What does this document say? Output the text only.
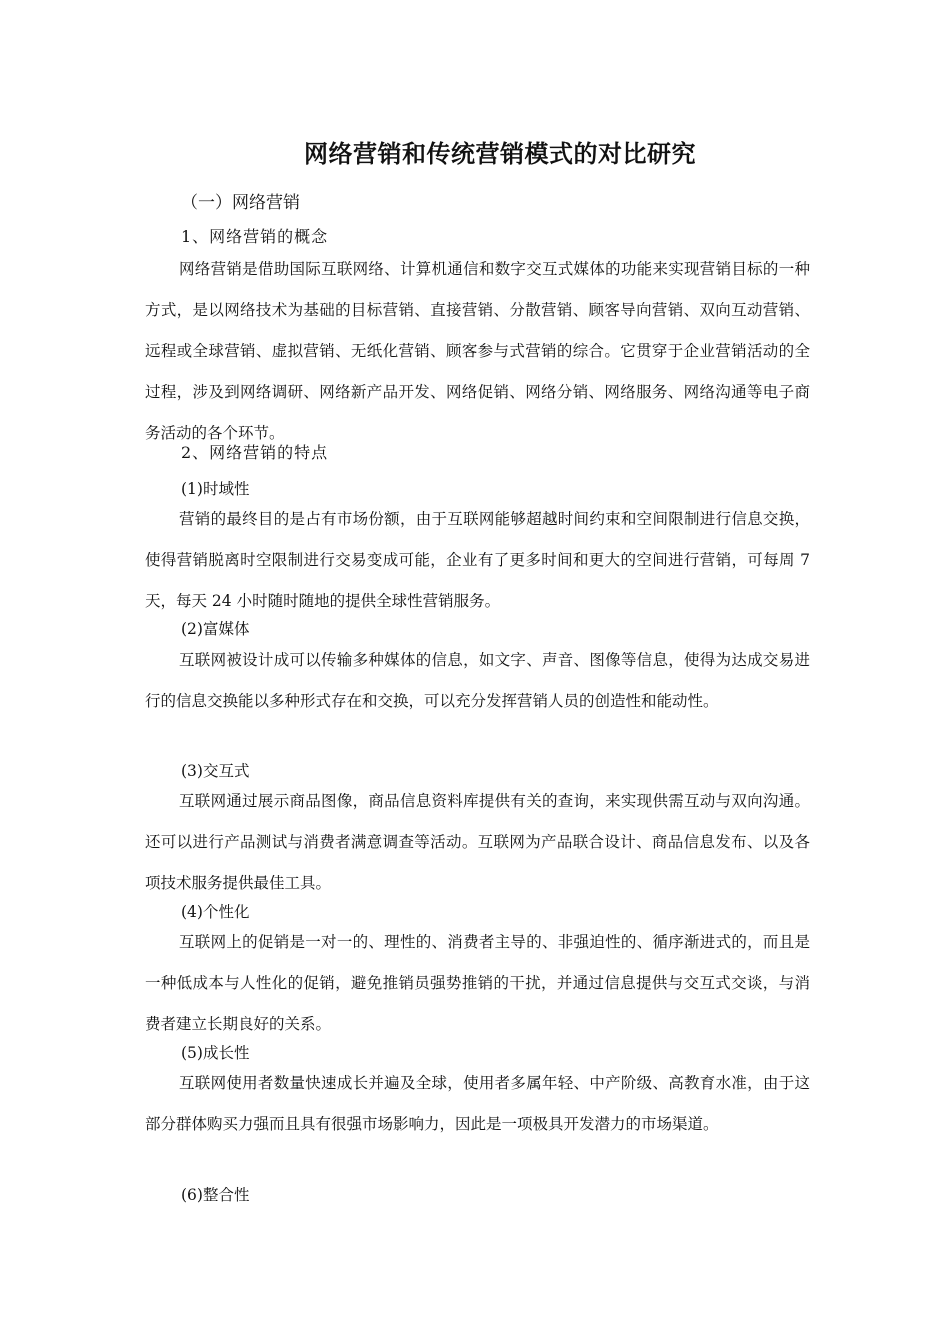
网络营销和传统营销模式的对比研究
（一）网络营销
1、网络营销的概念

网络营销是借助国际互联网络、计算机通信和数字交互式媒体的功能来实现营销目标的一种方式，是以网络技术为基础的目标营销、直接营销、分散营销、顾客导向营销、双向互动营销、远程或全球营销、虚拟营销、无纸化营销、顾客参与式营销的综合。它贯穿于企业营销活动的全过程，涉及到网络调研、网络新产品开发、网络促销、网络分销、网络服务、网络沟通等电子商务活动的各个环节。

2、网络营销的特点
(1)时域性

营销的最终目的是占有市场份额，由于互联网能够超越时间约束和空间限制进行信息交换，使得营销脱离时空限制进行交易变成可能，企业有了更多时间和更大的空间进行营销，可每周 7 天，每天 24 小时随时随地的提供全球性营销服务。

(2)富媒体

互联网被设计成可以传输多种媒体的信息，如文字、声音、图像等信息，使得为达成交易进行的信息交换能以多种形式存在和交换，可以充分发挥营销人员的创造性和能动性。

(3)交互式

互联网通过展示商品图像，商品信息资料库提供有关的查询，来实现供需互动与双向沟通。还可以进行产品测试与消费者满意调查等活动。互联网为产品联合设计、商品信息发布、以及各项技术服务提供最佳工具。

(4)个性化

互联网上的促销是一对一的、理性的、消费者主导的、非强迫性的、循序渐进式的，而且是一种低成本与人性化的促销，避免推销员强势推销的干扰，并通过信息提供与交互式交谈，与消费者建立长期良好的关系。

(5)成长性

互联网使用者数量快速成长并遍及全球，使用者多属年轻、中产阶级、高教育水准，由于这部分群体购买力强而且具有很强市场影响力，因此是一项极具开发潜力的市场渠道。

(6)整合性
